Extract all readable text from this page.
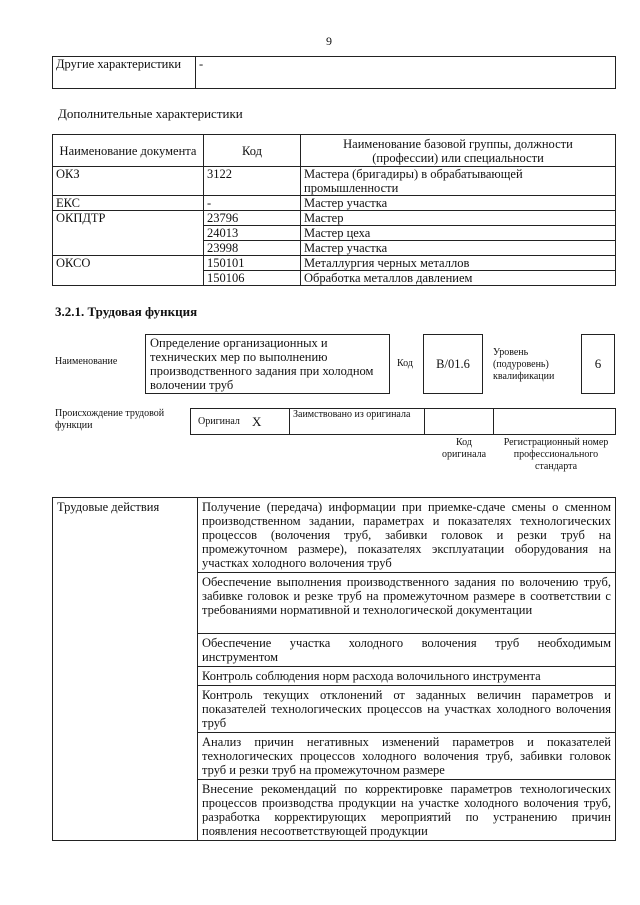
9
Другие характеристики	-
Дополнительные характеристики
Наименование документа	Код	Наименование базовой группы, должности (профессии) или специальности
ОКЗ	3122	Мастера (бригадиры) в обрабатывающей промышленности
ЕКС	-	Мастер участка
ОКПДТР	23796	Мастер
	24013	Мастер цеха
	23998	Мастер участка
ОКСО	150101	Металлургия черных металлов
	150106	Обработка металлов давлением
3.2.1. Трудовая функция
Наименование
Определение организационных и технических мер по выполнению производственного задания при холодном волочении труб
Код В/01.6
Уровень (подуровень) квалификации
6
Происхождение трудовой функции	Оригинал	X	Заимствовано из оригинала		
Код оригинала
Регистрационный номер профессионального стандарта
Трудовые действия	Получение (передача) информации при приемке-сдаче смены о сменном производственном задании, параметрах и показателях технологических процессов (волочения труб, забивки головок и резки труб на промежуточном размере), показателях эксплуатации оборудования на участках холодного волочения труб
Обеспечение выполнения производственного задания по волочению труб, забивке головок и резке труб на промежуточном размере в соответствии с требованиями нормативной и технологической документации
Обеспечение участка холодного волочения труб необходимым инструментом
Контроль соблюдения норм расхода волочильного инструмента
Контроль текущих отклонений от заданных величин параметров и показателей технологических процессов на участках холодного волочения труб
Анализ причин негативных изменений параметров и показателей технологических процессов холодного волочения труб, забивки головок труб и резки труб на промежуточном размере
Внесение рекомендаций по корректировке параметров технологических процессов производства продукции на участке холодного волочения труб, разработка корректирующих мероприятий по устранению причин появления несоответствующей продукции
